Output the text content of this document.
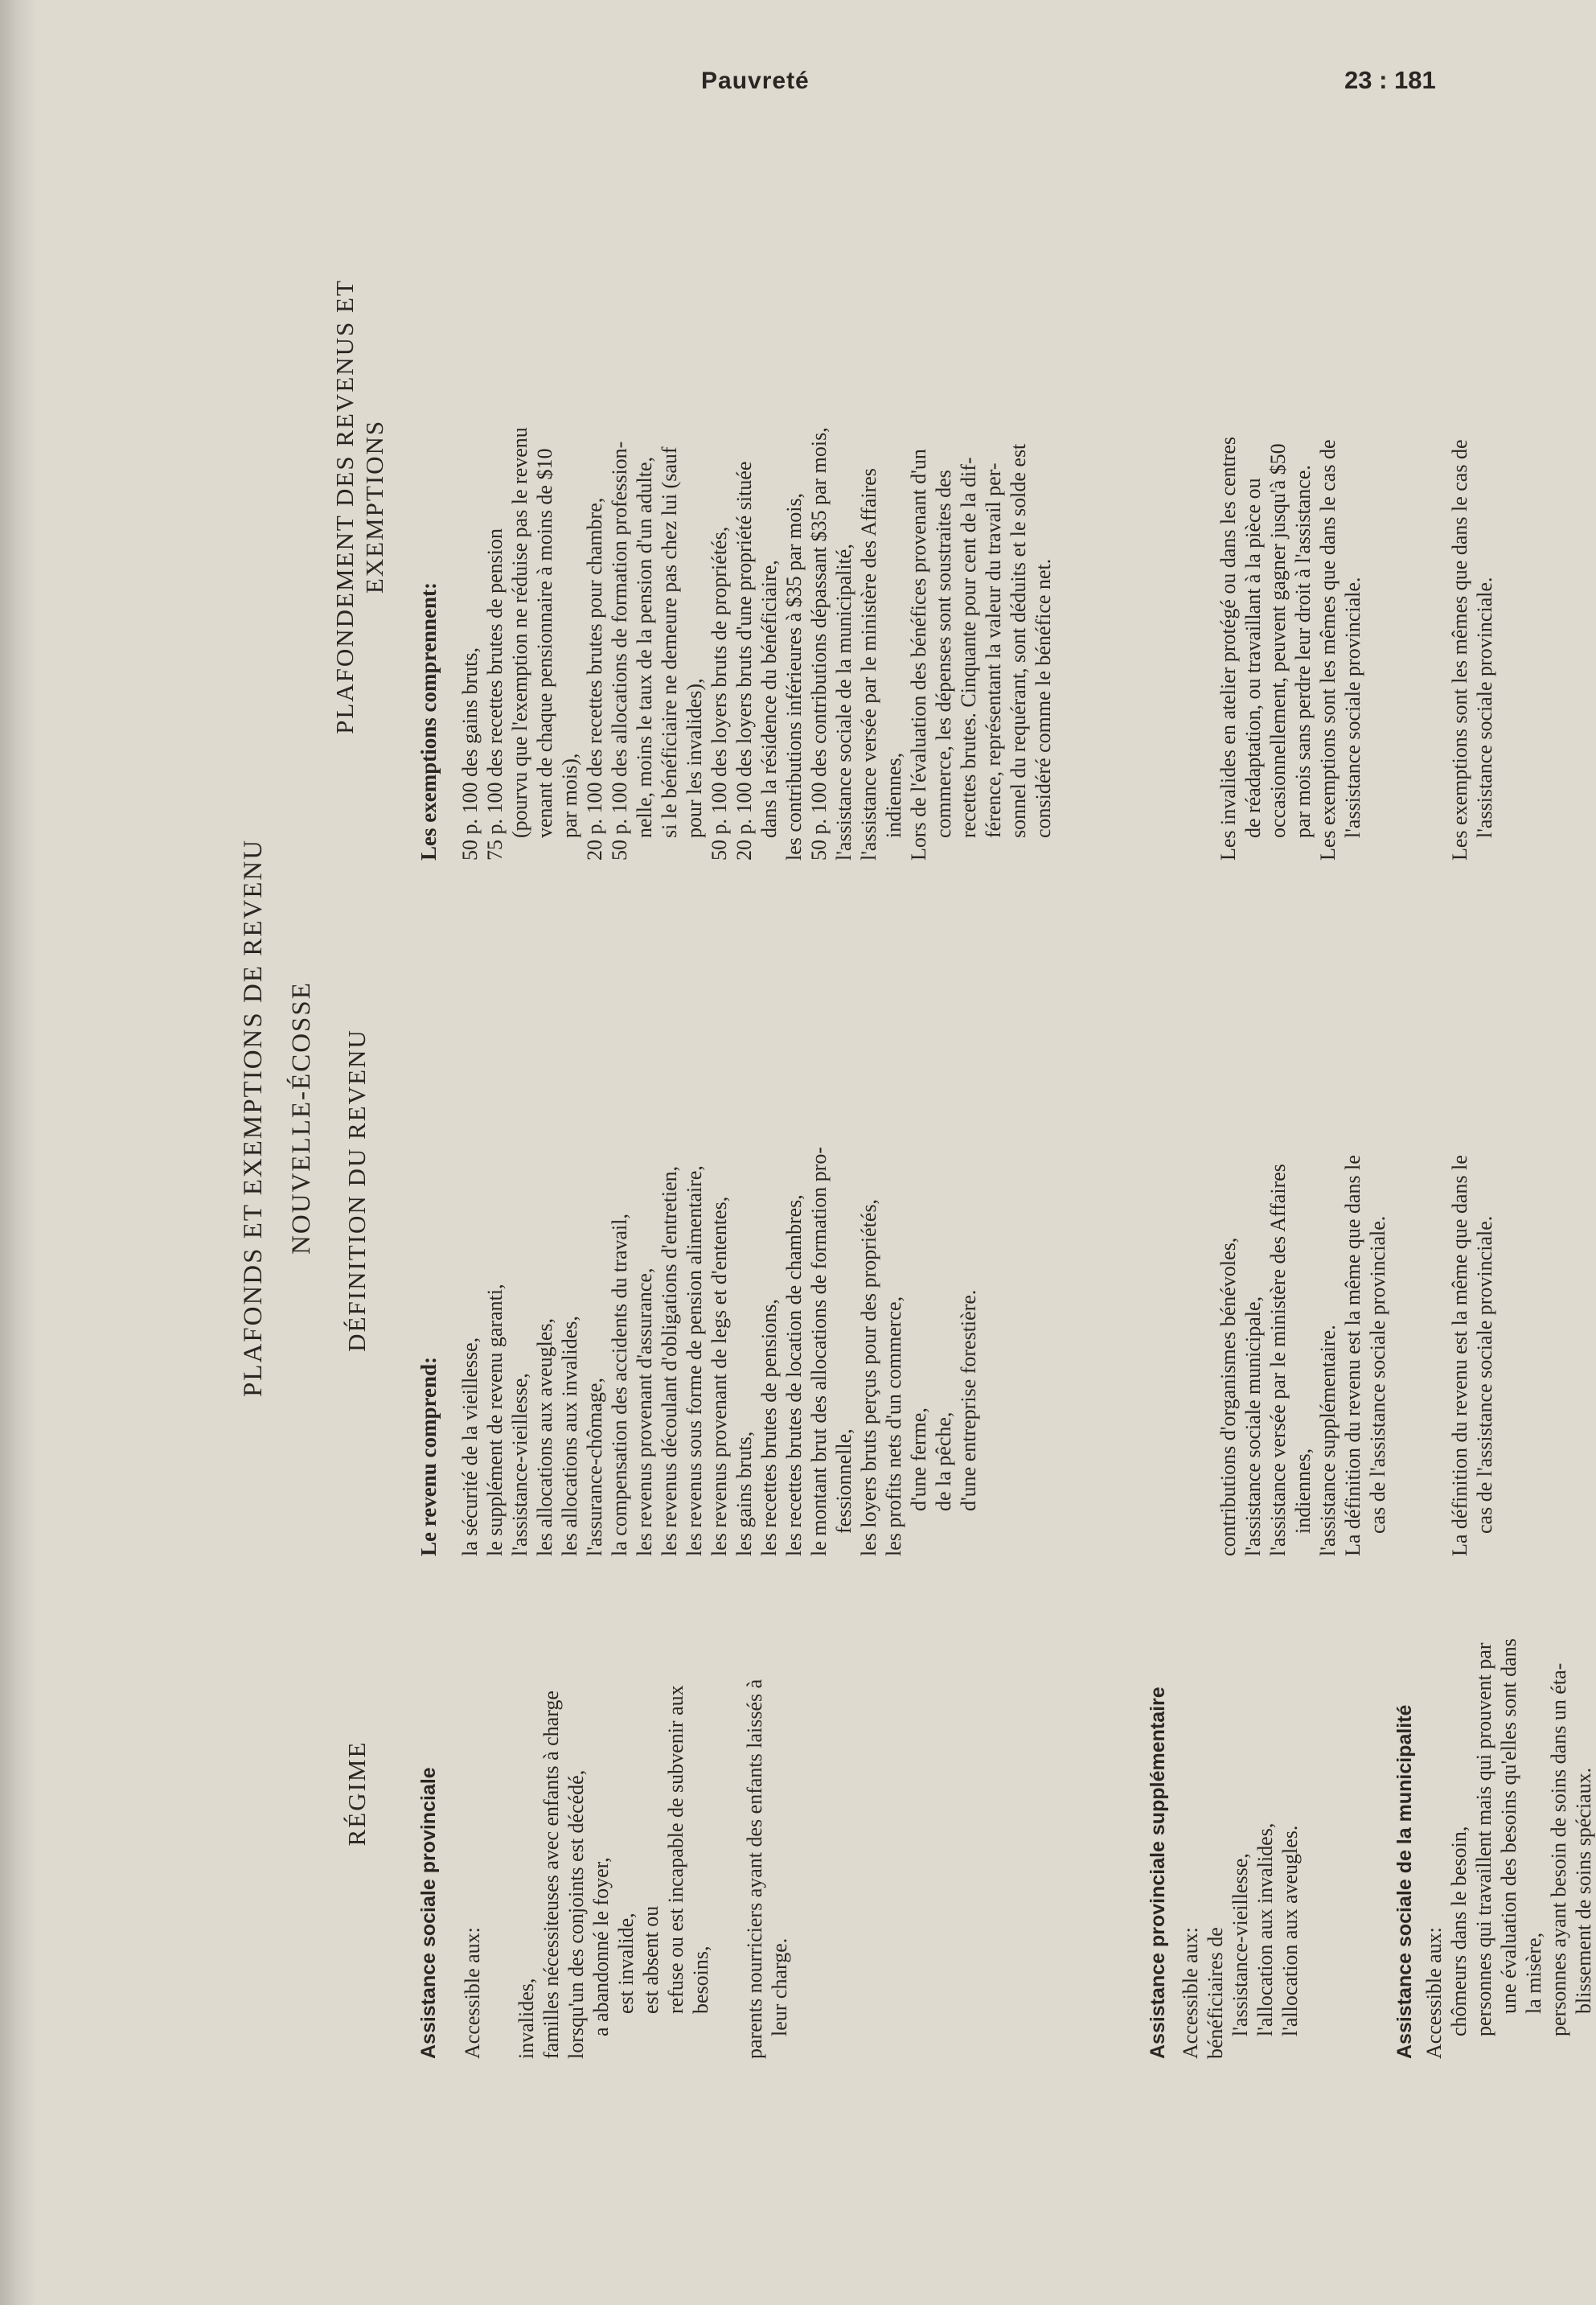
Pauvreté	23 : 181
PLAFONDS ET EXEMPTIONS DE REVENU NOUVELLE-ÉCOSSE
RÉGIME
DÉFINITION DU REVENU
PLAFONDEMENT DES REVENUS ET EXEMPTIONS
Assistance sociale provinciale Accessible aux: invalides, familles nécessiteuses avec enfants à charge lorsqu'un des conjoints est décédé, a abandonné le foyer, est invalide, est absent ou refuse ou est incapable de subvenir aux besoins, parents nourriciers ayant des enfants laissés à leur charge.
Le revenu comprend: la sécurité de la vieillesse, le supplément de revenu garanti, l'assistance-vieillesse, les allocations aux aveugles, les allocations aux invalides, l'assurance-chômage, la compensation des accidents du travail, les revenus provenant d'assurance, les revenus découlant d'obligations d'entretien, les revenus sous forme de pension alimentaire, les revenus provenant de legs et d'ententes, les gains bruts, les recettes brutes de pensions, les recettes brutes de location de chambres, le montant brut des allocations de formation pro- fessionnelle, les loyers bruts perçus pour des propriétés, les profits nets d'un commerce, d'une ferme, de la pêche, d'une entreprise forestière.
Les exemptions comprennent: 50 p. 100 des gains bruts, 75 p. 100 des recettes brutes de pension (pourvu que l'exemption ne réduise pas le revenu venant de chaque pensionnaire à moins de $10 par mois), 20 p. 100 des recettes brutes pour chambre, 50 p. 100 des allocations de formation profession- nelle, moins le taux de la pension d'un adulte, si le bénéficiaire ne demeure pas chez lui (sauf pour les invalides), 50 p. 100 des loyers bruts de propriétés, 20 p. 100 des loyers bruts d'une propriété située dans la résidence du bénéficiaire, les contributions inférieures à $35 par mois, 50 p. 100 des contributions dépassant $35 par mois, l'assistance sociale de la municipalité, l'assistance versée par le ministère des Affaires indiennes, Lors de l'évaluation des bénéfices provenant d'un commerce, les dépenses sont soustraites des recettes brutes. Cinquante pour cent de la dif- férence, représentant la valeur du travail per- sonnel du requérant, sont déduits et le solde est considéré comme le bénéfice net.
Assistance provinciale supplémentaire Accessible aux: bénéficiaires de l'assistance-vieillesse, l'allocation aux invalides, l'allocation aux aveugles.
contributions d'organismes bénévoles, l'assistance sociale municipale, l'assistance versée par le ministère des Affaires indiennes, l'assistance supplémentaire. La définition du revenu est la même que dans le cas de l'assistance sociale provinciale.
Les invalides en atelier protégé ou dans les centres de réadaptation, ou travaillant à la pièce ou occasionnellement, peuvent gagner jusqu'à $50 par mois sans perdre leur droit à l'assistance. Les exemptions sont les mêmes que dans le cas de l'assistance sociale provinciale.
Assistance sociale de la municipalité Accessible aux: chômeurs dans le besoin, personnes qui travaillent mais qui prouvent par une évaluation des besoins qu'elles sont dans la misère, personnes ayant besoin de soins dans un éta- blissement de soins spéciaux.
La définition du revenu est la même que dans le cas de l'assistance sociale provinciale.
Les exemptions sont les mêmes que dans le cas de l'assistance sociale provinciale.
